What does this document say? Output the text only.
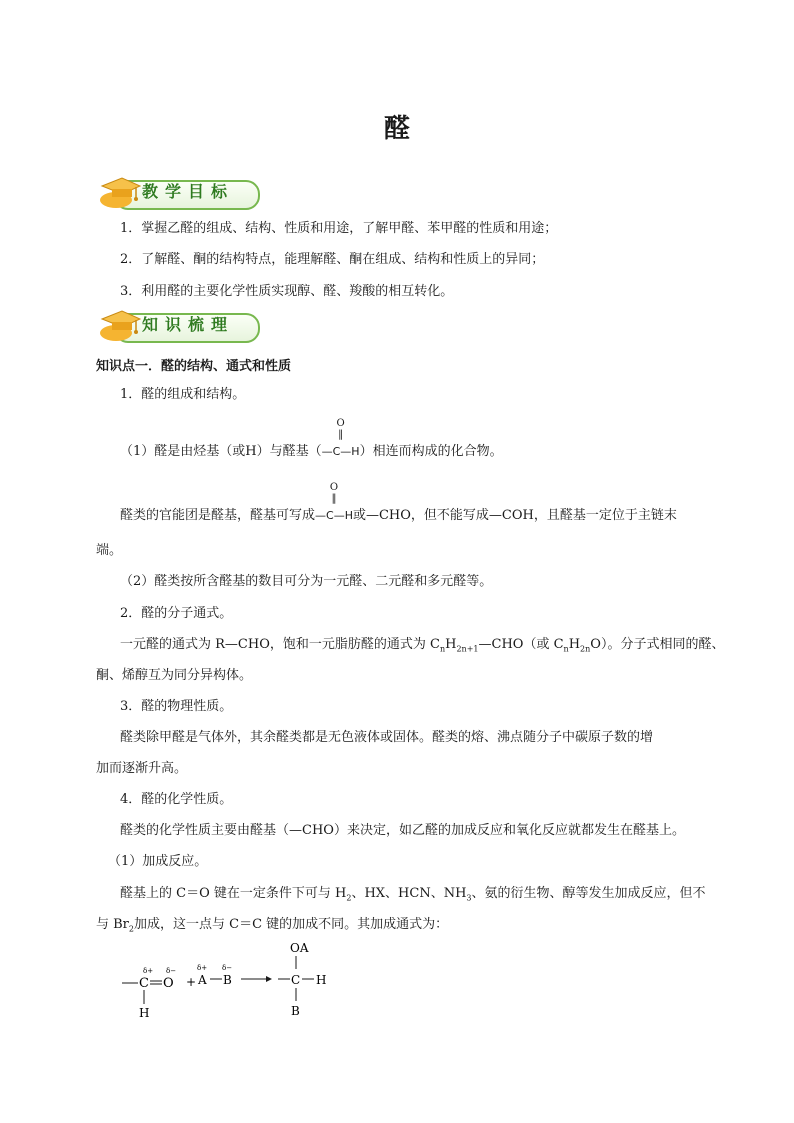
醛
教学目标
1．掌握乙醛的组成、结构、性质和用途，了解甲醛、苯甲醛的性质和用途；
2．了解醛、酮的结构特点，能理解醛、酮在组成、结构和性质上的异同；
3．利用醛的主要化学性质实现醇、醛、羧酸的相互转化。
知识梳理
知识点一．醛的结构、通式和性质
1．醛的组成和结构。
（1）醛是由烃基（或H）与醛基（
O
‖
—C—H）相连而构成的化合物。
醛类的官能团是醛基，醛基可写成
O
‖
—C—H或—CHO，但不能写成—COH，且醛基一定位于主链末
端。
（2）醛类按所含醛基的数目可分为一元醛、二元醛和多元醛等。
2．醛的分子通式。
一元醛的通式为 R—CHO，饱和一元脂肪醛的通式为 $C_nH_{2n+1}—CHO$（或 $C_nH_{2n}O$）。分子式相同的醛、
酮、烯醇互为同分异构体。
3．醛的物理性质。
醛类除甲醛是气体外，其余醛类都是无色液体或固体。醛类的熔、沸点随分子中碳原子数的增
加而逐渐升高。
4．醛的化学性质。
醛类的化学性质主要由醛基（—CHO）来决定，如乙醛的加成反应和氧化反应就都发生在醛基上。
（1）加成反应。
醛基上的 C＝O 键在一定条件下可与 $H_2$、HX、HCN、$NH_3$、氨的衍生物、醇等发生加成反应，但不
与 $Br_2$加成，这一点与 C＝C 键的加成不同。其加成通式为：
δ+
C
δ−
O
H
+
δ+
A
δ−
B
OA
C H
B
